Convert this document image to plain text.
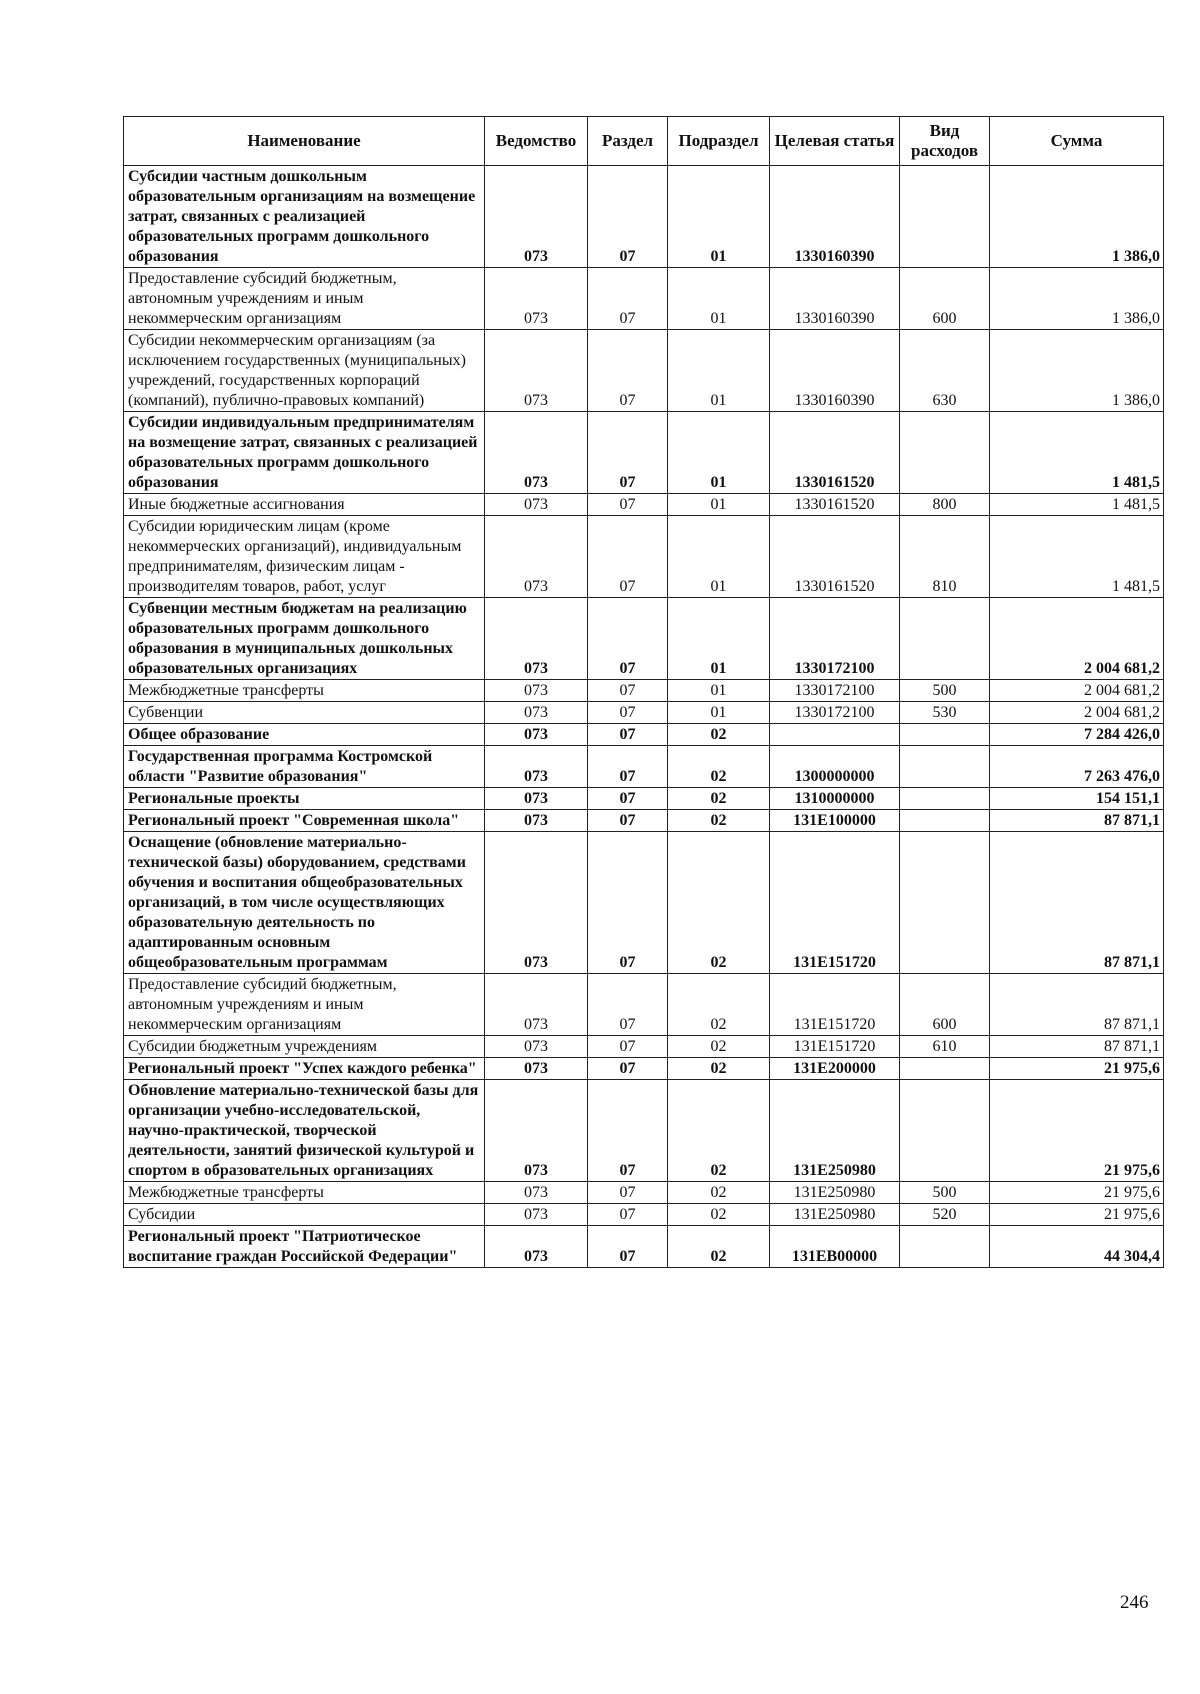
Наименование	Ведомство	Раздел	Подраздел	Целевая статья	Вид расходов	Сумма
Субсидии частным дошкольным образовательным организациям на возмещение затрат, связанных с реализацией образовательных программ дошкольного образования	073	07	01	1330160390		1 386,0
Предоставление субсидий бюджетным, автономным учреждениям и иным некоммерческим организациям	073	07	01	1330160390	600	1 386,0
Субсидии некоммерческим организациям (за исключением государственных (муниципальных) учреждений, государственных корпораций (компаний), публично-правовых компаний)	073	07	01	1330160390	630	1 386,0
Субсидии индивидуальным предпринимателям на возмещение затрат, связанных с реализацией образовательных программ дошкольного образования	073	07	01	1330161520		1 481,5
Иные бюджетные ассигнования	073	07	01	1330161520	800	1 481,5
Субсидии юридическим лицам (кроме некоммерческих организаций), индивидуальным предпринимателям, физическим лицам - производителям товаров, работ, услуг	073	07	01	1330161520	810	1 481,5
Субвенции местным бюджетам на реализацию образовательных программ дошкольного образования в муниципальных дошкольных образовательных организациях	073	07	01	1330172100		2 004 681,2
Межбюджетные трансферты	073	07	01	1330172100	500	2 004 681,2
Субвенции	073	07	01	1330172100	530	2 004 681,2
Общее образование	073	07	02			7 284 426,0
Государственная программа Костромской области "Развитие образования"	073	07	02	1300000000		7 263 476,0
Региональные проекты	073	07	02	1310000000		154 151,1
Региональный проект "Современная школа"	073	07	02	131E100000		87 871,1
Оснащение (обновление материально-технической базы) оборудованием, средствами обучения и воспитания общеобразовательных организаций, в том числе осуществляющих образовательную деятельность по адаптированным основным общеобразовательным программам	073	07	02	131E151720		87 871,1
Предоставление субсидий бюджетным, автономным учреждениям и иным некоммерческим организациям	073	07	02	131E151720	600	87 871,1
Субсидии бюджетным учреждениям	073	07	02	131E151720	610	87 871,1
Региональный проект "Успех каждого ребенка"	073	07	02	131E200000		21 975,6
Обновление материально-технической базы для организации учебно-исследовательской, научно-практической, творческой деятельности, занятий физической культурой и спортом в образовательных организациях	073	07	02	131E250980		21 975,6
Межбюджетные трансферты	073	07	02	131E250980	500	21 975,6
Субсидии	073	07	02	131E250980	520	21 975,6
Региональный проект "Патриотическое воспитание граждан Российской Федерации"	073	07	02	131EB00000		44 304,4
246
